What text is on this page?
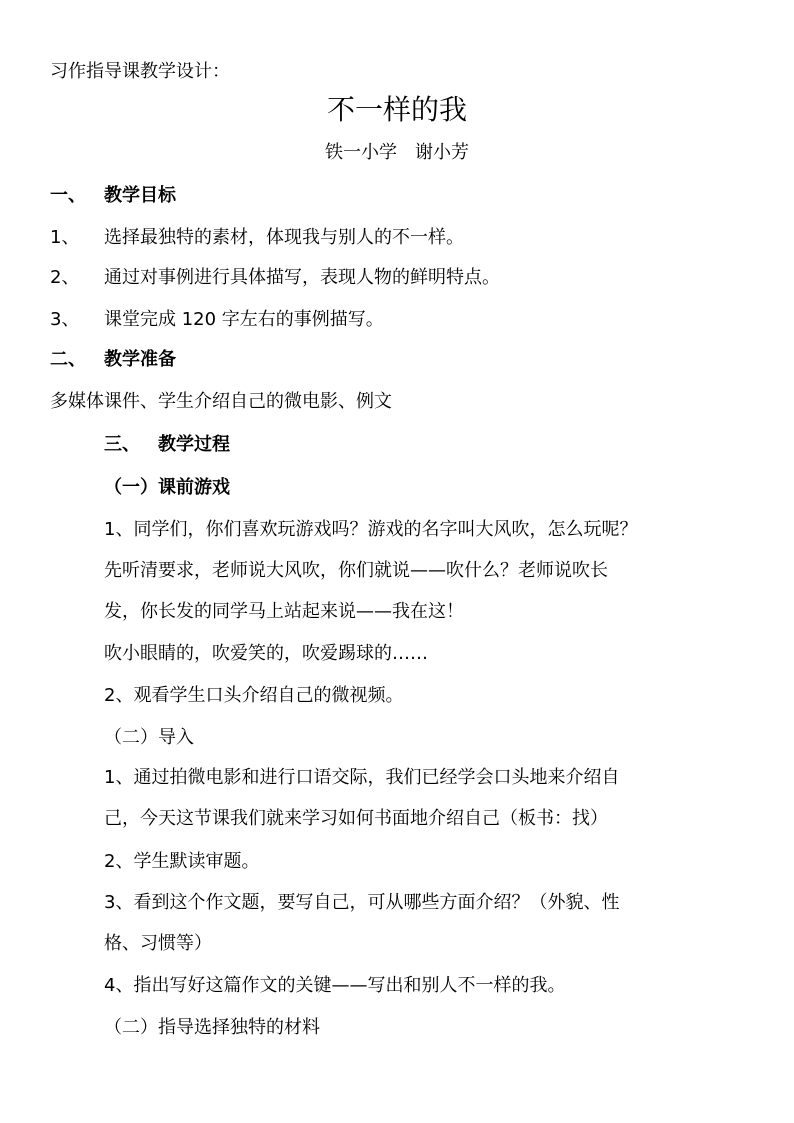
习作指导课教学设计：
不一样的我
铁一小学　谢小芳
一、 教学目标
1、 选择最独特的素材，体现我与别人的不一样。
2、 通过对事例进行具体描写，表现人物的鲜明特点。
3、 课堂完成 120 字左右的事例描写。
二、 教学准备
多媒体课件、学生介绍自己的微电影、例文
三、 教学过程
（一）课前游戏
1、同学们，你们喜欢玩游戏吗？游戏的名字叫大风吹，怎么玩呢？
先听清要求，老师说大风吹，你们就说——吹什么？老师说吹长
发，你长发的同学马上站起来说——我在这！
吹小眼睛的，吹爱笑的，吹爱踢球的……
2、观看学生口头介绍自己的微视频。
（二）导入
1、通过拍微电影和进行口语交际，我们已经学会口头地来介绍自
己，今天这节课我们就来学习如何书面地介绍自己（板书：找）
2、学生默读审题。
3、看到这个作文题，要写自己，可从哪些方面介绍？（外貌、性
格、习惯等）
4、指出写好这篇作文的关键——写出和别人不一样的我。
（二）指导选择独特的材料
